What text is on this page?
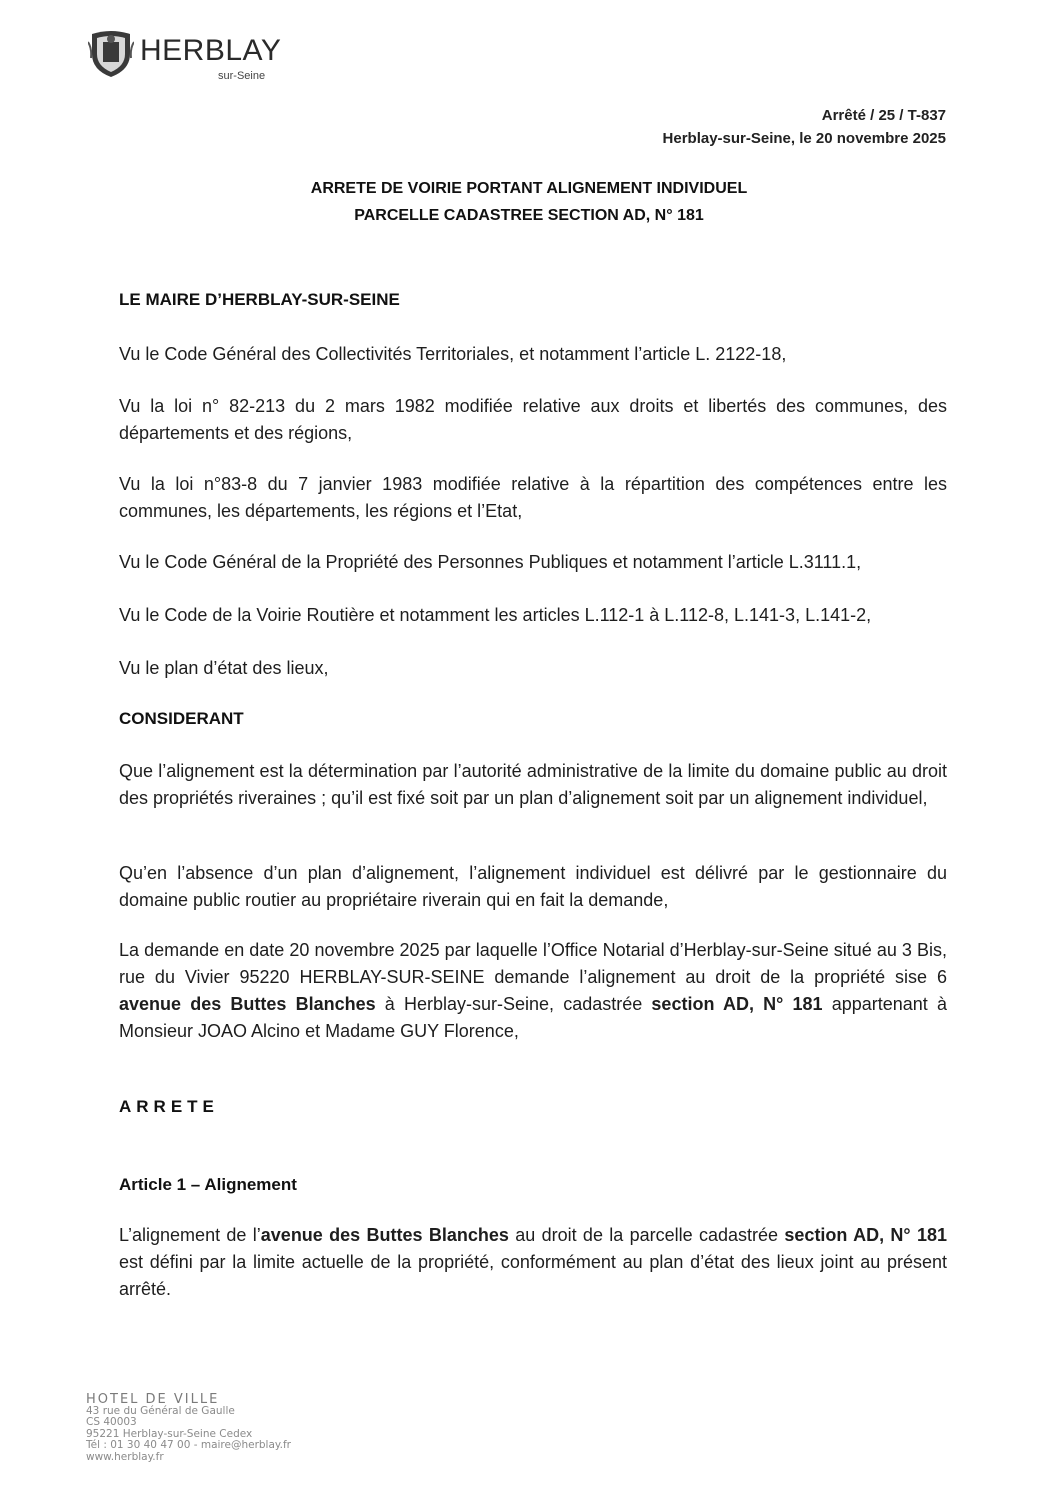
HERBLAY
sur-Seine
Arrêté / 25 / T-837
Herblay-sur-Seine, le 20 novembre 2025
ARRETE DE VOIRIE PORTANT ALIGNEMENT INDIVIDUEL
PARCELLE CADASTREE SECTION AD, N° 181
LE MAIRE D’HERBLAY-SUR-SEINE
Vu le Code Général des Collectivités Territoriales, et notamment l’article L. 2122-18,
Vu la loi n° 82-213 du 2 mars 1982 modifiée relative aux droits et libertés des communes, des départements et des régions,
Vu la loi n°83-8 du 7 janvier 1983 modifiée relative à la répartition des compétences entre les communes, les départements, les régions et l’Etat,
Vu le Code Général de la Propriété des Personnes Publiques et notamment l’article L.3111.1,
Vu le Code de la Voirie Routière et notamment les articles L.112-1 à L.112-8, L.141-3, L.141-2,
Vu le plan d’état des lieux,
CONSIDERANT
Que l’alignement est la détermination par l’autorité administrative de la limite du domaine public au droit des propriétés riveraines ; qu’il est fixé soit par un plan d’alignement soit par un alignement individuel,
Qu’en l’absence d’un plan d’alignement, l’alignement individuel est délivré par le gestionnaire du domaine public routier au propriétaire riverain qui en fait la demande,
La demande en date 20 novembre 2025 par laquelle l’Office Notarial d’Herblay-sur-Seine situé au 3 Bis, rue du Vivier 95220 HERBLAY-SUR-SEINE demande l’alignement au droit de la propriété sise 6 avenue des Buttes Blanches à Herblay-sur-Seine, cadastrée section AD, N° 181 appartenant à Monsieur JOAO Alcino et Madame GUY Florence,
ARRETE
Article 1 – Alignement
L’alignement de l’avenue des Buttes Blanches au droit de la parcelle cadastrée section AD, N° 181 est défini par la limite actuelle de la propriété, conformément au plan d’état des lieux joint au présent arrêté.
HOTEL DE VILLE
43 rue du Général de Gaulle
CS 40003
95221 Herblay-sur-Seine Cedex
Tél : 01 30 40 47 00 - maire@herblay.fr
www.herblay.fr
